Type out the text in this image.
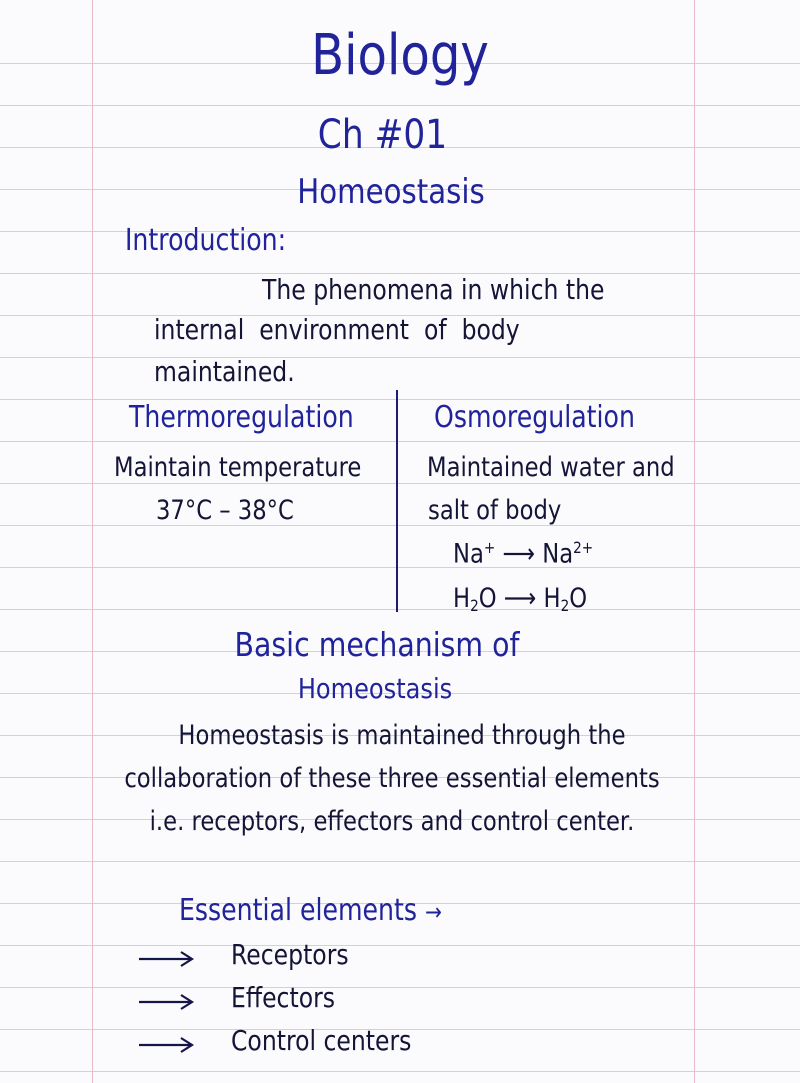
Biology
Ch #01
Homeostasis
Introduction:
The phenomena in which the
internal  environment  of  body
maintained.
Thermoregulation	Osmoregulation
Maintain temperature
37°C – 38°C
Maintained water and
salt of body
Na+ ⟶ $Na^{2+}$
$H_2O$ ⟶ $H_2O$
Basic mechanism of
Homeostasis
Homeostasis is maintained through the
collaboration of these three essential elements
i.e. receptors, effectors and control center.
Essential elements →
Receptors
Effectors
Control centers
